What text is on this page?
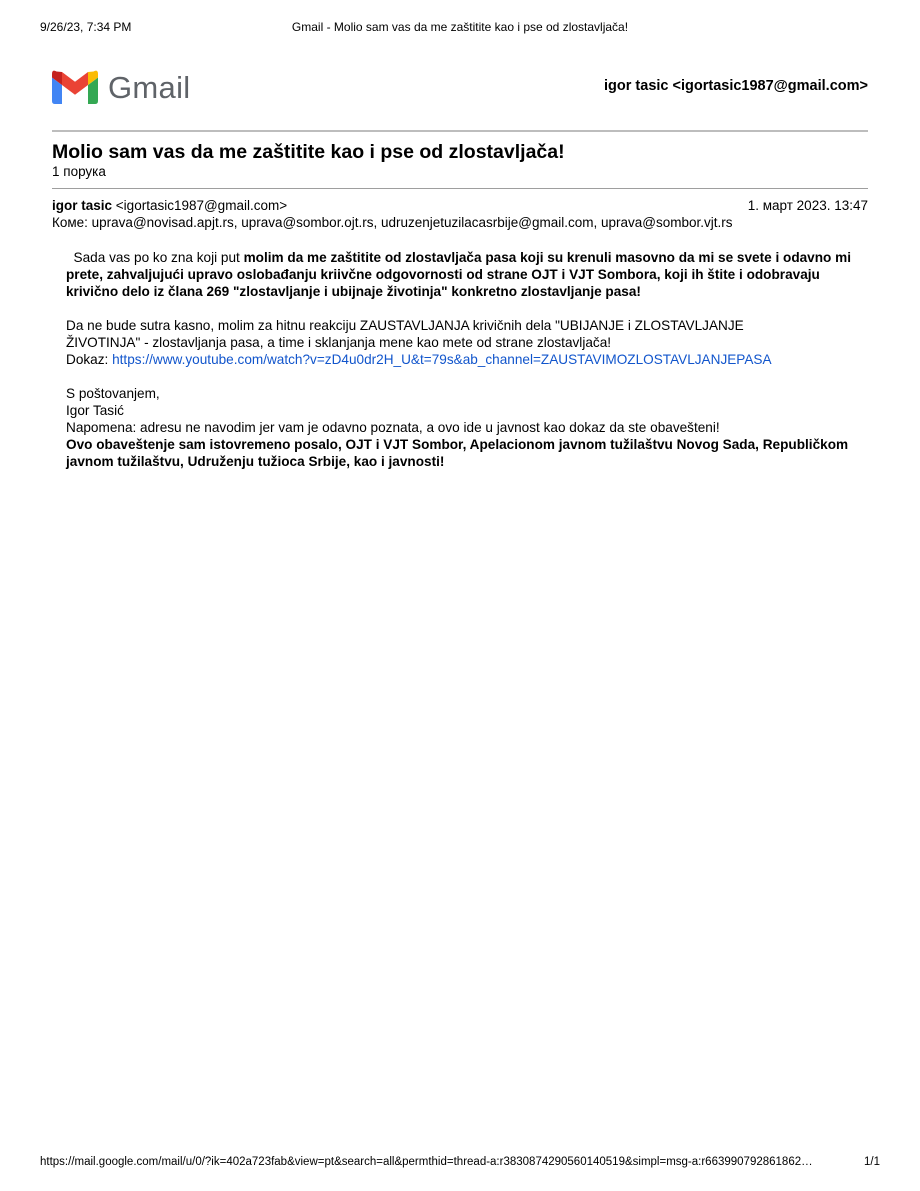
9/26/23, 7:34 PM	Gmail - Molio sam vas da me zaštitite kao i pse od zlostavljača!
Gmail	igor tasic <igortasic1987@gmail.com>
Molio sam vas da me zaštitite kao i pse od zlostavljača!
1 порука
igor tasic <igortasic1987@gmail.com>	1. март 2023. 13:47
Коме: uprava@novisad.apjt.rs, uprava@sombor.ojt.rs, udruzenjetuzilacasrbije@gmail.com, uprava@sombor.vjt.rs

Sada vas po ko zna koji put molim da me zaštitite od zlostavljača pasa koji su krenuli masovno da mi se svete i odavno mi prete, zahvaljujući upravo oslobađanju kriivčne odgovornosti od strane OJT i VJT Sombora, koji ih štite i odobravaju krivično delo iz člana 269 "zlostavljanje i ubijnaje životinja" konkretno zlostavljanje pasa!

Da ne bude sutra kasno, molim za hitnu reakciju ZAUSTAVLJANJA krivičnih dela "UBIJANJE i ZLOSTAVLJANJE

ŽIVOTINJA" - zlostavljanja pasa, a time i sklanjanja mene kao mete od strane zlostavljača!

Dokaz: https://www.youtube.com/watch?v=zD4u0dr2H_U&t=79s&ab_channel=ZAUSTAVIMOZLOSTAVLJANJEPASA

S poštovanjem,

Igor Tasić

Napomena: adresu ne navodim jer vam je odavno poznata, a ovo ide u javnost kao dokaz da ste obavešteni!

Ovo obaveštenje sam istovremeno posalo, OJT i VJT Sombor, Apelacionom javnom tužilaštvu Novog Sada, Republičkom javnom tužilaštvu, Udruženju tužioca Srbije, kao i javnosti!

https://mail.google.com/mail/u/0/?ik=402a723fab&view=pt&search=all&permthid=thread-a:r3830874290560140519&simpl=msg-a:r663990792861862…	1/1
